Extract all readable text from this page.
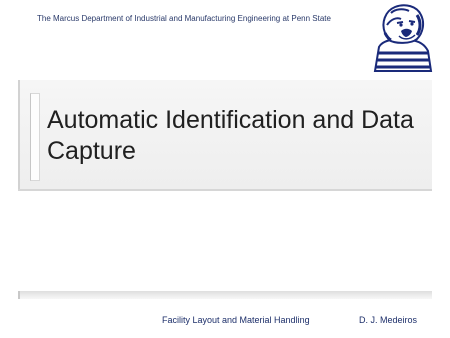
The Marcus Department of Industrial and Manufacturing Engineering at Penn State
Automatic Identification and Data Capture
Facility Layout and Material Handling	D. J. Medeiros
